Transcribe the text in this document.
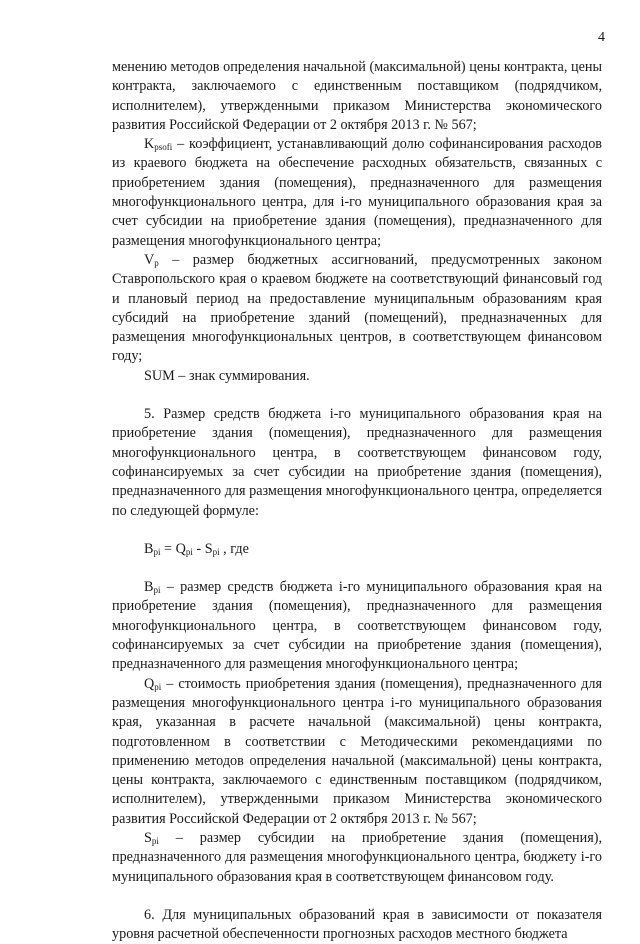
4

менению методов определения начальной (максимальной) цены контракта, цены контракта, заключаемого с единственным поставщиком (подрядчиком, исполнителем), утвержденными приказом Министерства экономического развития Российской Федерации от 2 октября 2013 г. № 567;

$K_{psofi}$ – коэффициент, устанавливающий долю софинансирования расходов из краевого бюджета на обеспечение расходных обязательств, связанных с приобретением здания (помещения), предназначенного для размещения многофункционального центра, для i-го муниципального образования края за счет субсидии на приобретение здания (помещения), предназначенного для размещения многофункционального центра;

$V_p$ – размер бюджетных ассигнований, предусмотренных законом Ставропольского края о краевом бюджете на соответствующий финансовый год и плановый период на предоставление муниципальным образованиям края субсидий на приобретение зданий (помещений), предназначенных для размещения многофункциональных центров, в соответствующем финансовом году;

SUM – знак суммирования.

5. Размер средств бюджета i-го муниципального образования края на приобретение здания (помещения), предназначенного для размещения многофункционального центра, в соответствующем финансовом году, софинансируемых за счет субсидии на приобретение здания (помещения), предназначенного для размещения многофункционального центра, определяется по следующей формуле:

$B_{pi} = Q_{pi} - S_{pi}$ , где

$B_{pi}$ – размер средств бюджета i-го муниципального образования края на приобретение здания (помещения), предназначенного для размещения многофункционального центра, в соответствующем финансовом году, софинансируемых за счет субсидии на приобретение здания (помещения), предназначенного для размещения многофункционального центра;

$Q_{pi}$ – стоимость приобретения здания (помещения), предназначенного для размещения многофункционального центра i-го муниципального образования края, указанная в расчете начальной (максимальной) цены контракта, подготовленном в соответствии с Методическими рекомендациями по применению методов определения начальной (максимальной) цены контракта, цены контракта, заключаемого с единственным поставщиком (подрядчиком, исполнителем), утвержденными приказом Министерства экономического развития Российской Федерации от 2 октября 2013 г. № 567;

$S_{pi}$ – размер субсидии на приобретение здания (помещения), предназначенного для размещения многофункционального центра, бюджету i-го муниципального образования края в соответствующем финансовом году.

6. Для муниципальных образований края в зависимости от показателя уровня расчетной обеспеченности прогнозных расходов местного бюджета
